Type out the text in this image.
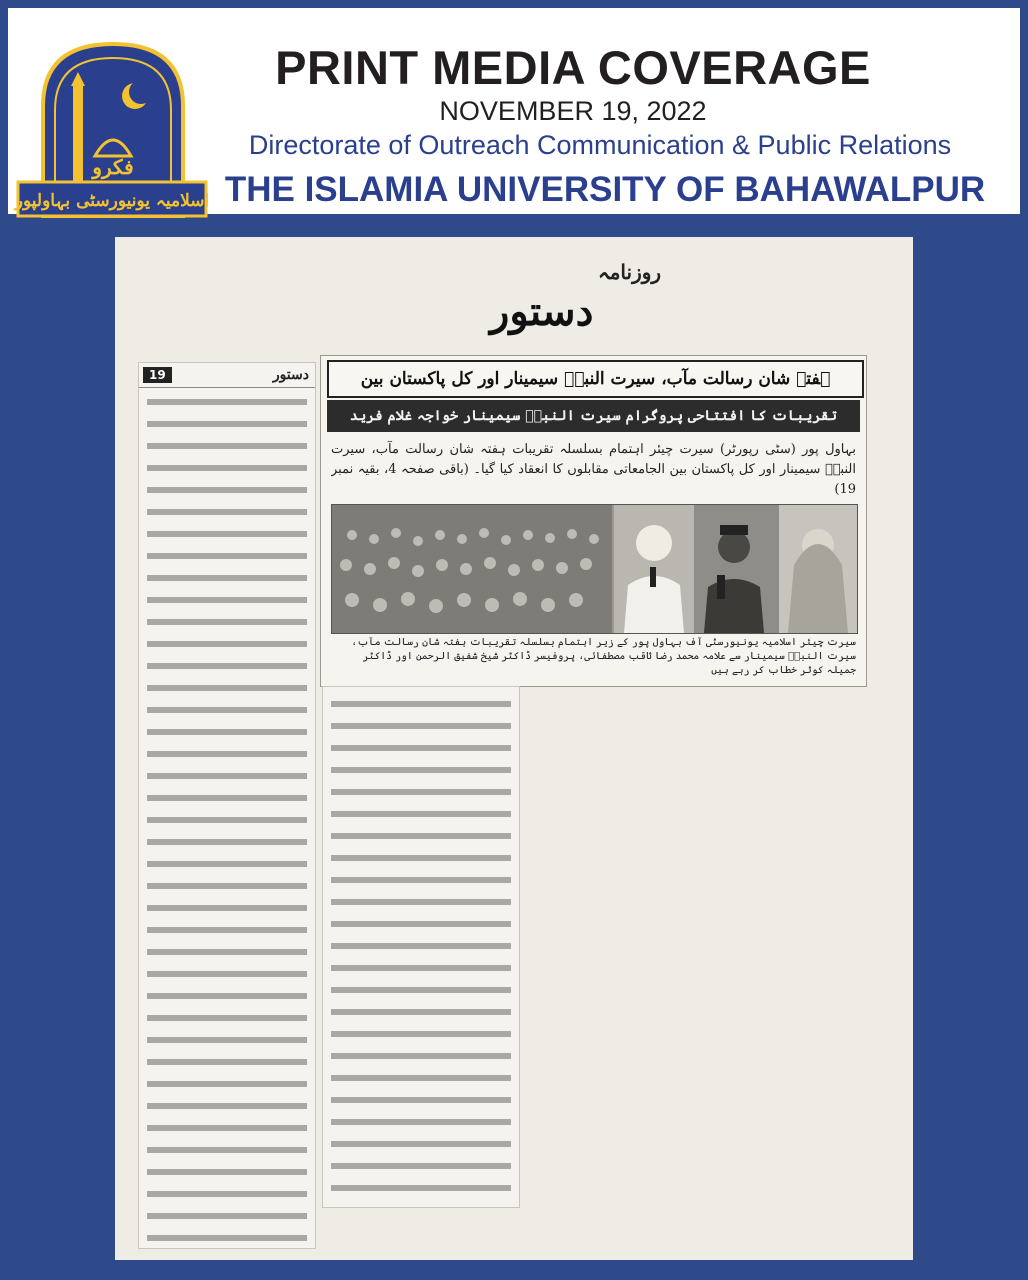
اسلامیہ یونیورسٹی بہاولپور
فکرو
PRINT MEDIA COVERAGE
NOVEMBER 19, 2022
Directorate of Outreach Communication & Public Relations
THE ISLAMIA UNIVERSITY OF BAHAWALPUR
روزنامہ
دستور
19	دستور	ہفتہ شان رسالت مآب، سیرت النبیؐ سیمینار اور کل پاکستان بین
تقریبات کا افتتاحی پروگرام سیرت النبیؐ سیمینار خواجہ غلام فرید
بہاول پور (سٹی رپورٹر) سیرت چیئر اہتمام بسلسلہ تقریبات ہفتہ شان رسالت مآب، سیرت النبیؐ سیمینار اور کل پاکستان بین الجامعاتی مقابلوں کا انعقاد کیا گیا۔ (باقی صفحہ 4، بقیہ نمبر 19)
سیرت چیئر اسلامیہ یونیورسٹی آف بہاول پور کے زیر اہتمام بسلسلہ تقریبات ہفتہ شان رسالت مآب، سیرت النبیؐ سیمینار سے علامہ محمد رضا ثاقب مصطفائی، پروفیسر ڈاکٹر شیخ شفیق الرحمن اور ڈاکٹر جمیلہ کوثر خطاب کر رہے ہیں
